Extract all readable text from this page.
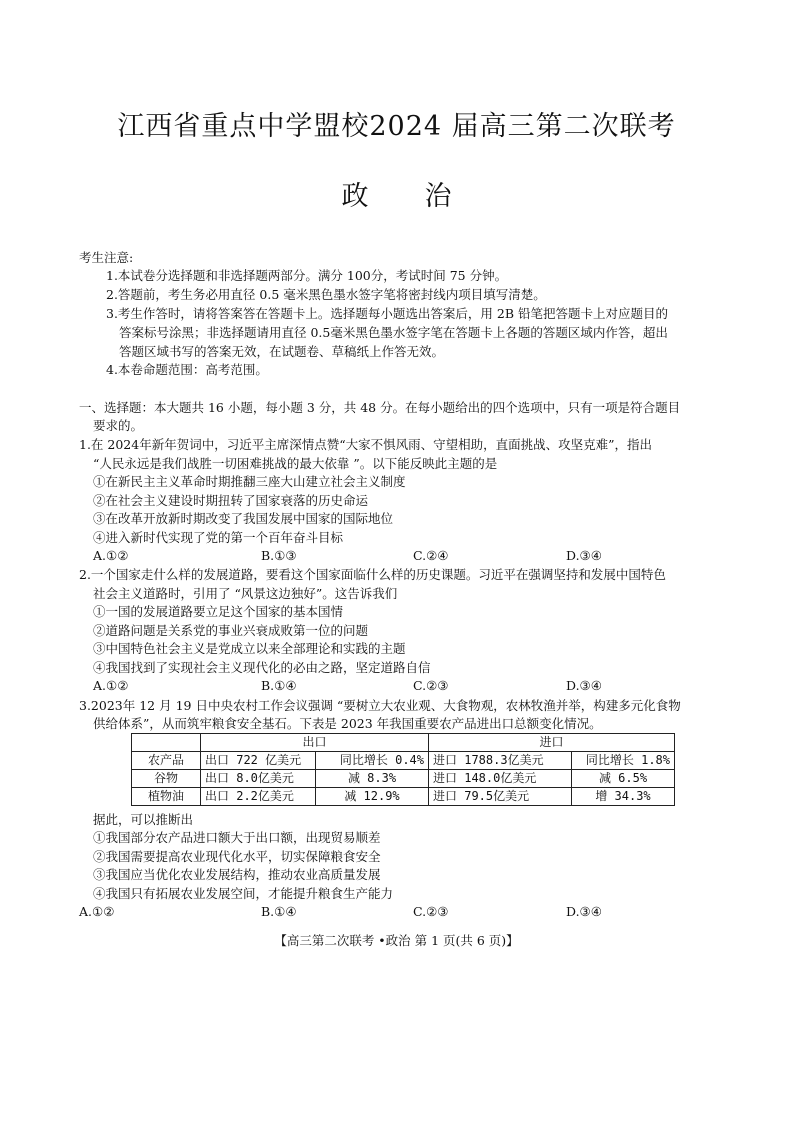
江西省重点中学盟校2024 届高三第二次联考
政 治
考生注意:
1.本试卷分选择题和非选择题两部分。满分 100分，考试时间 75 分钟。
2.答题前，考生务必用直径 0.5 毫米黑色墨水签字笔将密封线内项目填写清楚。
3.考生作答时，请将答案答在答题卡上。选择题每小题选出答案后，用 2B 铅笔把答题卡上对应题目的
答案标号涂黑；非选择题请用直径 0.5毫米黑色墨水签字笔在答题卡上各题的答题区域内作答，超出
答题区域书写的答案无效，在试题卷、草稿纸上作答无效。
4.本卷命题范围：高考范围。
一、选择题：本大题共 16 小题，每小题 3 分，共 48 分。在每小题给出的四个选项中，只有一项是符合题目
要求的。
1.在 2024年新年贺词中，习近平主席深情点赞“大家不惧风雨、守望相助，直面挑战、攻坚克难”，指出
“人民永远是我们战胜一切困难挑战的最大依靠 ”。以下能反映此主题的是
①在新民主主义革命时期推翻三座大山建立社会主义制度
②在社会主义建设时期扭转了国家衰落的历史命运
③在改革开放新时期改变了我国发展中国家的国际地位
④进入新时代实现了党的第一个百年奋斗目标
A.①②	B.①③	C.②④	D.③④
2.一个国家走什么样的发展道路，要看这个国家面临什么样的历史课题。习近平在强调坚持和发展中国特色
社会主义道路时，引用了 “风景这边独好”。这告诉我们
①一国的发展道路要立足这个国家的基本国情
②道路问题是关系党的事业兴衰成败第一位的问题
③中国特色社会主义是党成立以来全部理论和实践的主题
④我国找到了实现社会主义现代化的必由之路，坚定道路自信
A.①②	B.①④	C.②③	D.③④
3.2023年 12 月 19 日中央农村工作会议强调 “要树立大农业观、大食物观，农林牧渔并举，构建多元化食物
供给体系”，从而筑牢粮食安全基石。下表是 2023 年我国重要农产品进出口总额变化情况。
	出口		进口	
农产品	出口 722 亿美元	同比增长 0.4%	进口 1788.3亿美元	同比增长 1.8%
谷物	出口 8.0亿美元	减 8.3%	进口 148.0亿美元	减 6.5%
植物油	出口 2.2亿美元	减 12.9%	进口 79.5亿美元	增 34.3%
据此，可以推断出
①我国部分农产品进口额大于出口额，出现贸易顺差
②我国需要提高农业现代化水平，切实保障粮食安全
③我国应当优化农业发展结构，推动农业高质量发展
④我国只有拓展农业发展空间，才能提升粮食生产能力
A.①②	B.①④	C.②③	D.③④
【高三第二次联考 •政治 第 1 页(共 6 页)】
